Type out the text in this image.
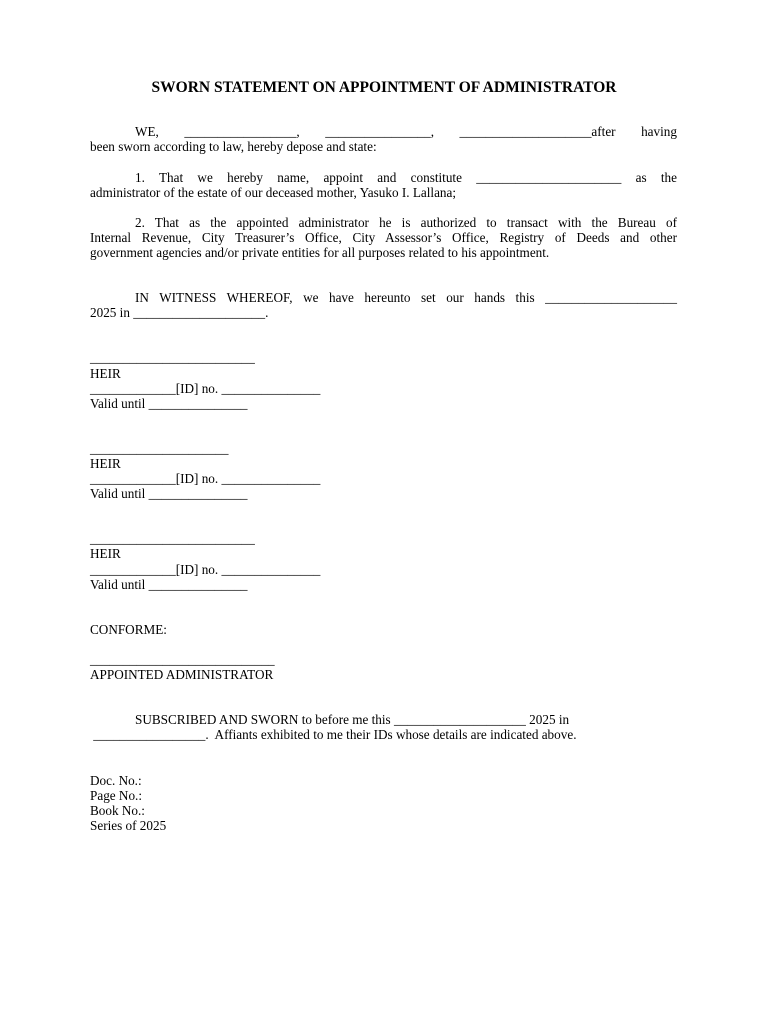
SWORN STATEMENT ON APPOINTMENT OF ADMINISTRATOR
WE, _________________, ________________, ____________________after having
been sworn according to law, hereby depose and state:
1. That we hereby name, appoint and constitute ______________________ as the
administrator of the estate of our deceased mother, Yasuko I. Lallana;
2. That as the appointed administrator he is authorized to transact with the Bureau of
Internal Revenue, City Treasurer’s Office, City Assessor’s Office, Registry of Deeds and other
government agencies and/or private entities for all purposes related to his appointment.
IN WITNESS WHEREOF, we have hereunto set our hands this ____________________
2025 in ____________________.
_________________________
HEIR
_____________[ID] no. _______________
Valid until _______________
_____________________
HEIR
_____________[ID] no. _______________
Valid until _______________
_________________________
HEIR
_____________[ID] no. _______________
Valid until _______________
CONFORME:
____________________________
APPOINTED ADMINISTRATOR
SUBSCRIBED AND SWORN to before me this ____________________ 2025 in
_________________.  Affiants exhibited to me their IDs whose details are indicated above.
Doc. No.:
Page No.:
Book No.:
Series of 2025
